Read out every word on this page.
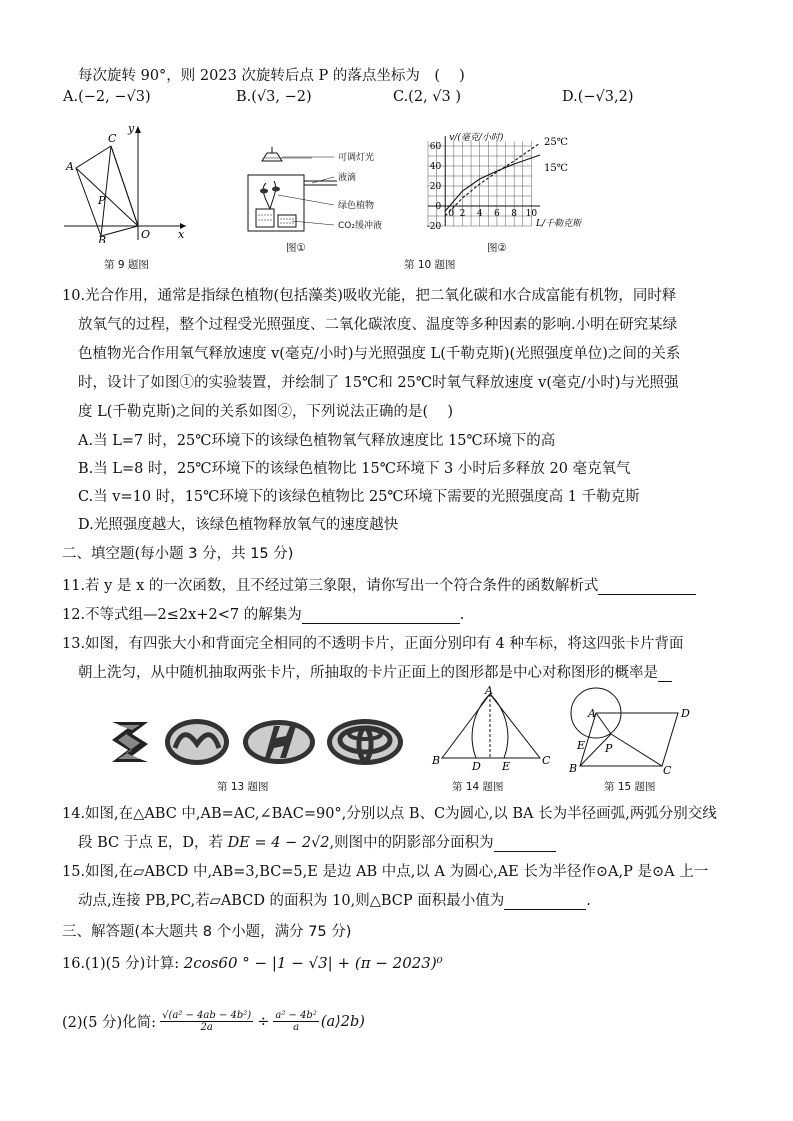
每次旋转 90°，则 2023 次旋转后点 P 的落点坐标为　(　 )
A.(−2, −√3)	B.(√3, −2)	C.(2, √3 )	D.(−√3,2)
C
A
P
B	O	x
y
第 9 题图
可调灯光
液滴
绿色植物
CO₂缓冲液
图①
-20
0
20
40
60
2 4 6 8 10
0
v/(毫克/小时)
L/千勒克斯
25℃
15℃
图②
第 10 题图
10.光合作用，通常是指绿色植物(包括藻类)吸收光能，把二氧化碳和水合成富能有机物，同时释
放氧气的过程，整个过程受光照强度、二氧化碳浓度、温度等多种因素的影响.小明在研究某绿
色植物光合作用氧气释放速度 v(毫克/小时)与光照强度 L(千勒克斯)(光照强度单位)之间的关系
时，设计了如图①的实验装置，并绘制了 15℃和 25℃时氧气释放速度 v(毫克/小时)与光照强
度 L(千勒克斯)之间的关系如图②，下列说法正确的是(　 )
A.当 L=7 时，25℃环境下的该绿色植物氧气释放速度比 15℃环境下的高
B.当 L=8 时，25℃环境下的该绿色植物比 15℃环境下 3 小时后多释放 20 毫克氧气
C.当 v=10 时，15℃环境下的该绿色植物比 25℃环境下需要的光照强度高 1 千勒克斯
D.光照强度越大，该绿色植物释放氧气的速度越快
二、填空题(每小题 3 分，共 15 分)
11.若 y 是 x 的一次函数，且不经过第三象限，请你写出一个符合条件的函数解析式
12.不等式组—2≤2x+2<7 的解集为	.
13.如图，有四张大小和背面完全相同的不透明卡片，正面分别印有 4 种车标，将这四张卡片背面
朝上洗匀，从中随机抽取两张卡片，所抽取的卡片正面上的图形都是中心对称图形的概率是
第 13 题图
A
B	C
D E
第 14 题图
A	D
E P
B	C
第 15 题图
14.如图,在△ABC 中,AB=AC,∠BAC=90°,分别以点 B、C为圆心,以 BA 长为半径画弧,两弧分别交线
段 BC 于点 E，D，若 DE = 4 − 2√2,则图中的阴影部分面积为
15.如图,在▱ABCD 中,AB=3,BC=5,E 是边 AB 中点,以 A 为圆心,AE 长为半径作⊙A,P 是⊙A 上一
动点,连接 PB,PC,若▱ABCD 的面积为 10,则△BCP 面积最小值为	.
三、解答题(本大题共 8 个小题，满分 75 分)
16.(1)(5 分)计算: 2cos60 ° − |1 − √3| + (π − 2023)⁰
(2)(5 分)化简: $\frac{\text{√(a² − 4ab − 4b²)}}{2a} \div \frac{\text{a² − 4b²}}{a}$ (a⟩2b)
